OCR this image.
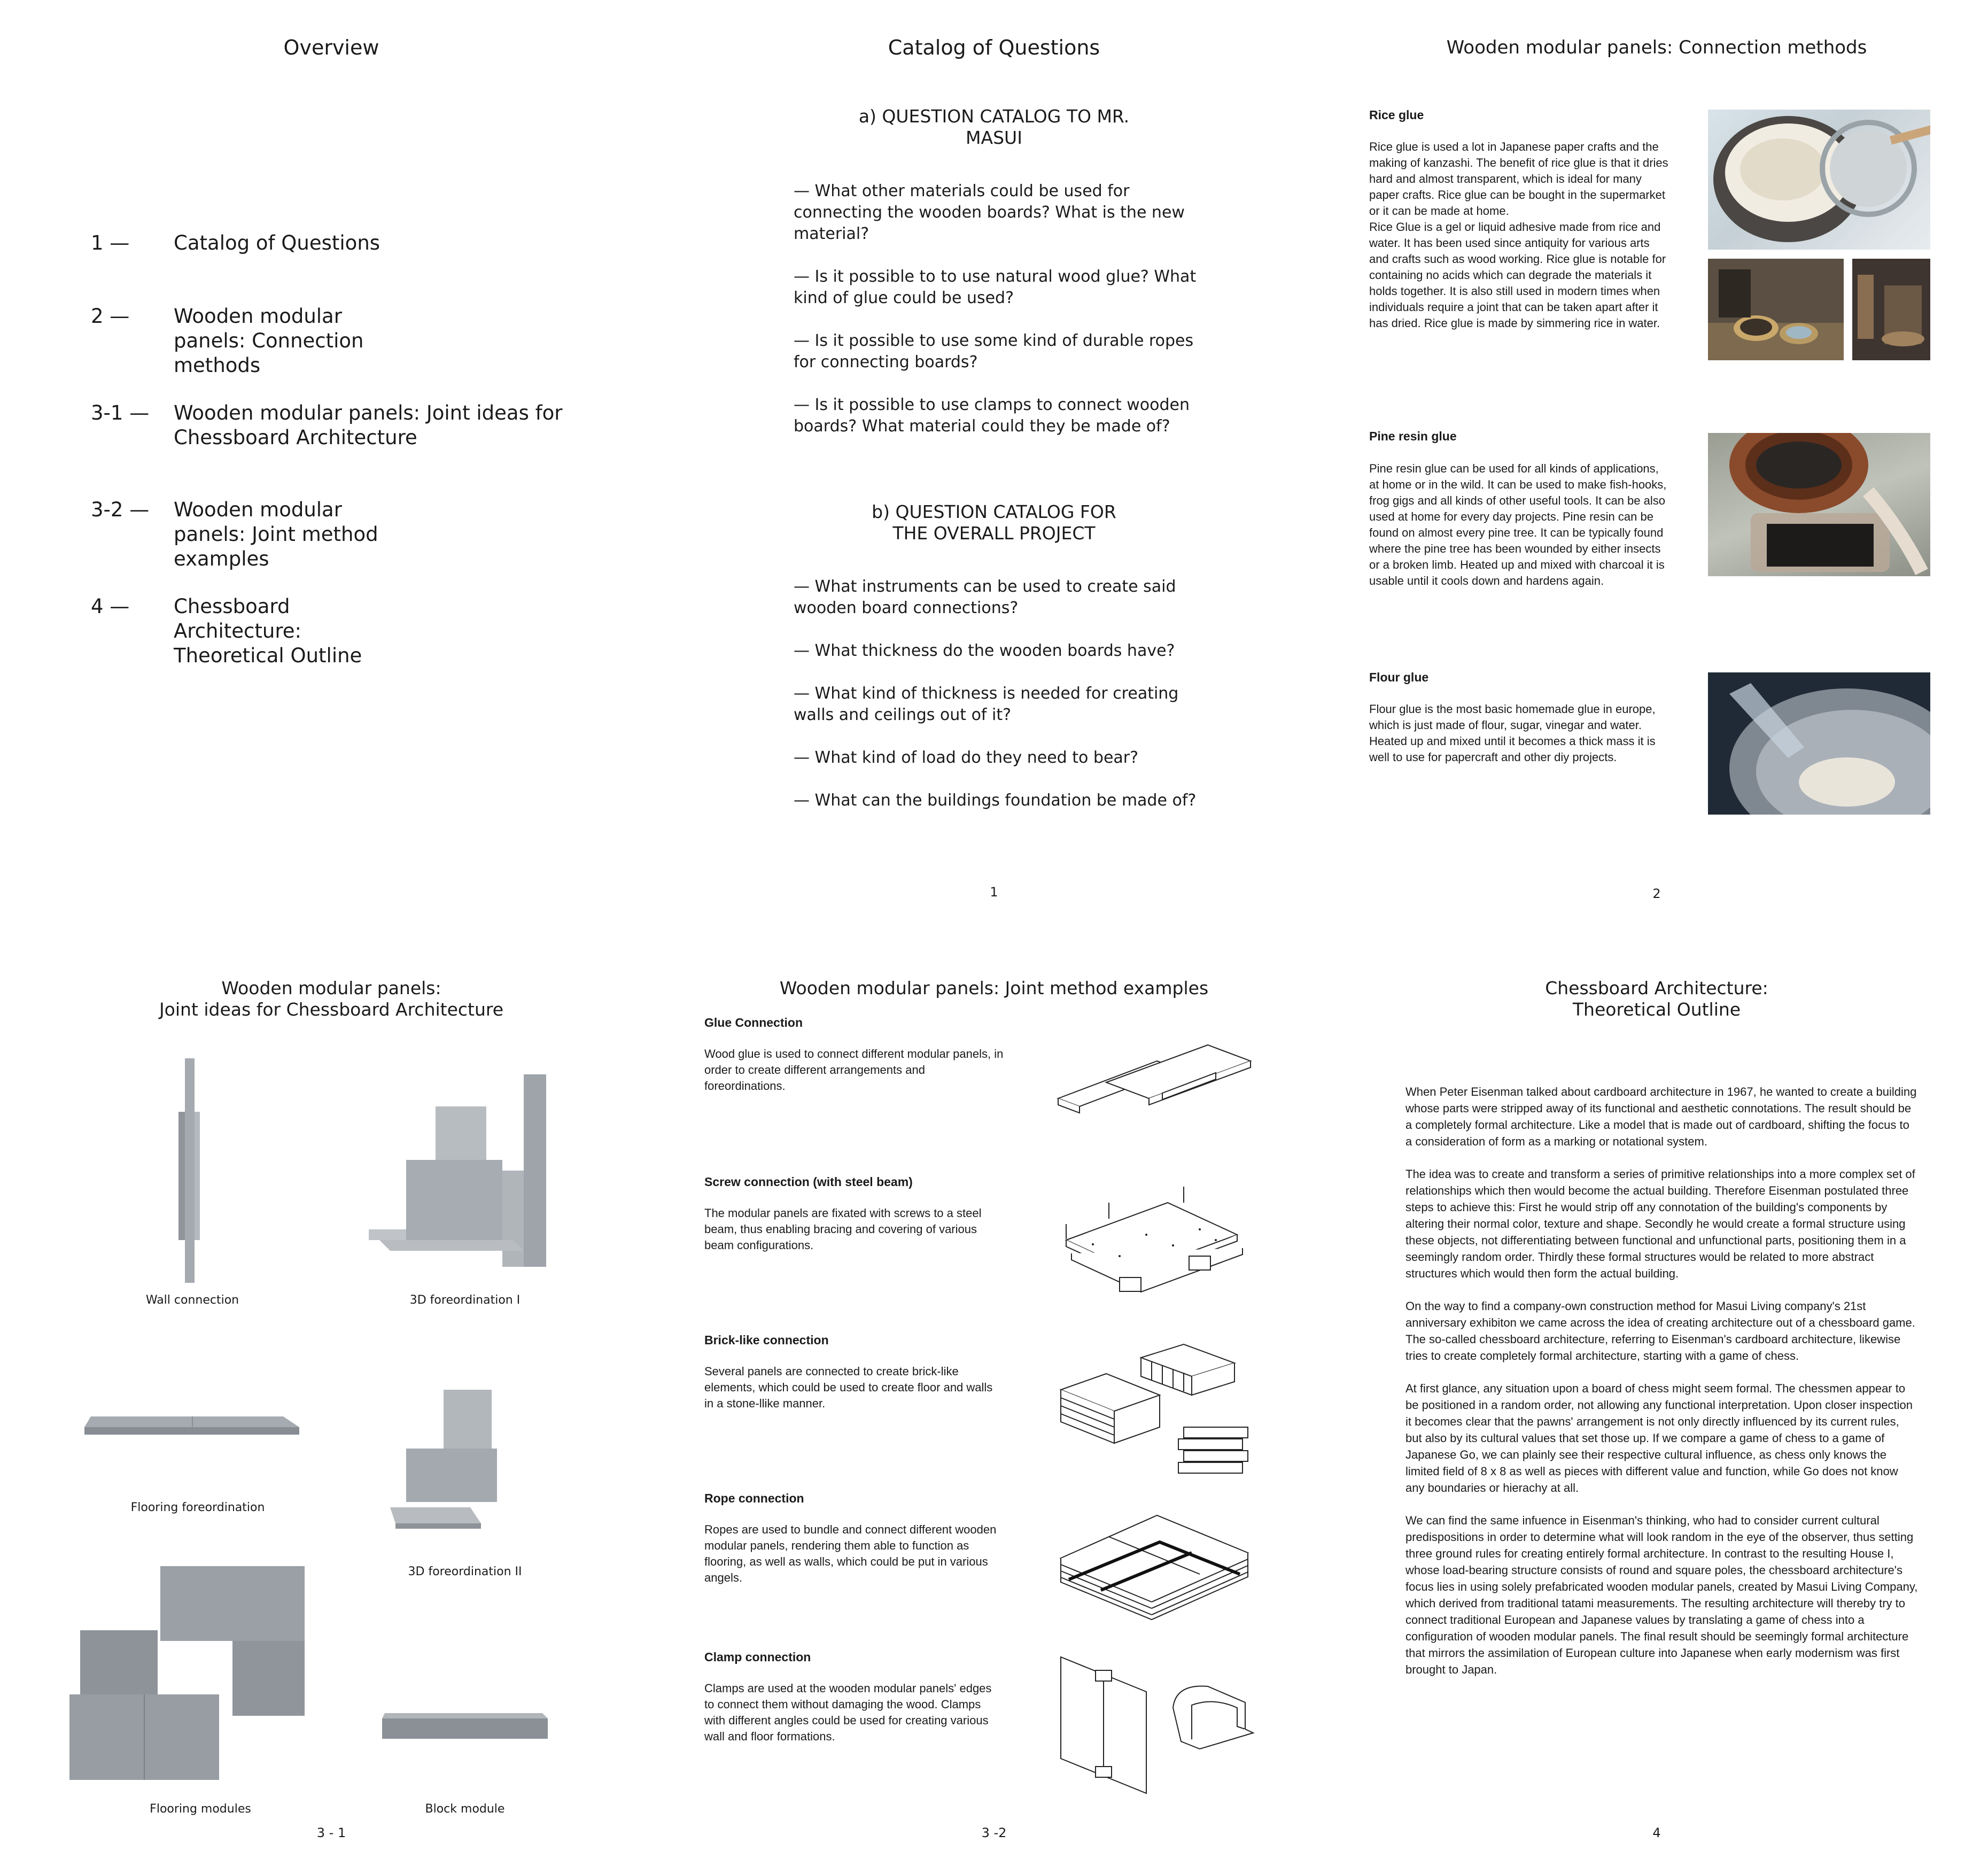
Overview
1 —	Catalog of Questions
2 —	Wooden modular panels: Connection methods
3-1 —	Wooden modular panels: Joint ideas for Chessboard Architecture
3-2 —	Wooden modular panels: Joint method examples
4 —	Chessboard Architecture: Theoretical Outline
Catalog of Questions
a) QUESTION CATALOG TO MR. MASUI
b) QUESTION CATALOG FOR THE OVERALL PROJECT
1
— What other materials could be used for connecting the wooden boards? What is the new material?
— Is it possible to to use natural wood glue? What kind of glue could be used?
— Is it possible to use some kind of durable ropes for connecting boards?
— Is it possible to use clamps to connect wooden boards? What material could they be made of?
— What instruments can be used to create said wooden board connections?
— What thickness do the wooden boards have?
— What kind of thickness is needed for creating walls and ceilings out of it?
— What kind of load do they need to bear?
— What can the buildings foundation be made of?
Wooden modular panels: Connection methods
2
Rice glue
Rice glue is used a lot in Japanese paper crafts and the making of kanzashi. The benefit of rice glue is that it dries hard and almost transparent, which is ideal for many paper crafts. Rice glue can be bought in the supermarket or it can be made at home.
Rice Glue is a gel or liquid adhesive made from rice and water. It has been used since antiquity for various arts and crafts such as wood working. Rice glue is notable for containing no acids which can degrade the materials it holds together. It is also still used in modern times when individuals require a joint that can be taken apart after it has dried. Rice glue is made by simmering rice in water.
Pine resin glue
Pine resin glue can be used for all kinds of applications, at home or in the wild. It can be used to make fish-hooks, frog gigs and all kinds of other useful tools. It can be also used at home for every day projects. Pine resin can be found on almost every pine tree. It can be typically found where the pine tree has been wounded by either insects or a broken limb. Heated up and mixed with charcoal it is usable until it cools down and hardens again.
Flour glue
Flour glue is the most basic homemade glue in europe, which is just made of flour, sugar, vinegar and water. Heated up and mixed until it becomes a thick mass it is well to use for papercraft and other diy projects.
Wooden modular panels:
Joint ideas for Chessboard Architecture
3 - 1
Wall connection	3D foreordination I
Flooring foreordination
3D foreordination II
Flooring modules	Block module
Wooden modular panels: Joint method examples
3 -2
Glue Connection
Wood glue is used to connect different modular panels, in order to create different arrangements and foreordinations.
Screw connection (with steel beam)
The modular panels are fixated with screws to a steel beam, thus enabling bracing and covering of various beam configurations.
Brick-like connection
Several panels are connected to create brick-like elements, which could be used to create floor and walls in a stone-llike manner.
Rope connection
Ropes are used to bundle and connect different wooden modular panels, rendering them able to function as flooring, as well as walls, which could be put in various angels.
Clamp connection
Clamps are used at the wooden modular panels' edges to connect them without damaging the wood. Clamps with different angles could be used for creating various wall and floor formations.
Chessboard Architecture:
Theoretical Outline
4

When Peter Eisenman talked about cardboard architecture in 1967, he wanted to create a building whose parts were stripped away of its functional and aesthetic connotations. The result should be a completely formal architecture. Like a model that is made out of cardboard, shifting the focus to a consideration of form as a marking or notational system.

The idea was to create and transform a series of primitive relationships into a more complex set of relationships which then would become the actual building. Therefore Eisenman postulated three steps to achieve this: First he would strip off any connotation of the building's components by altering their normal color, texture and shape. Secondly he would create a formal structure using these objects, not differentiating between functional and unfunctional parts, positioning them in a seemingly random order. Thirdly these formal structures would be related to more abstract structures which would then form the actual building.

On the way to find a company-own construction method for Masui Living company's 21st anniversary exhibiton we came across the idea of creating architecture out of a chessboard game. The so-called chessboard architecture, referring to Eisenman's cardboard architecture, likewise tries to create completely formal architecture, starting with a game of chess.

At first glance, any situation upon a board of chess might seem formal. The chessmen appear to be positioned in a random order, not allowing any functional interpretation. Upon closer inspection it becomes clear that the pawns' arrangement is not only directly influenced by its current rules, but also by its cultural values that set those up. If we compare a game of chess to a game of Japanese Go, we can plainly see their respective cultural influence, as chess only knows the limited field of 8 x 8 as well as pieces with different value and function, while Go does not know any boundaries or hierachy at all.

We can find the same infuence in Eisenman's thinking, who had to consider current cultural predispositions in order to determine what will look random in the eye of the observer, thus setting three ground rules for creating entirely formal architecture. In contrast to the resulting House I, whose load-bearing structure consists of round and square poles, the chessboard architecture's focus lies in using solely prefabricated wooden modular panels, created by Masui Living Company, which derived from traditional tatami measurements. The resulting architecture will thereby try to connect traditional European and Japanese values by translating a game of chess into a configuration of wooden modular panels. The final result should be seemingly formal architecture that mirrors the assimilation of European culture into Japanese when early modernism was first brought to Japan.
